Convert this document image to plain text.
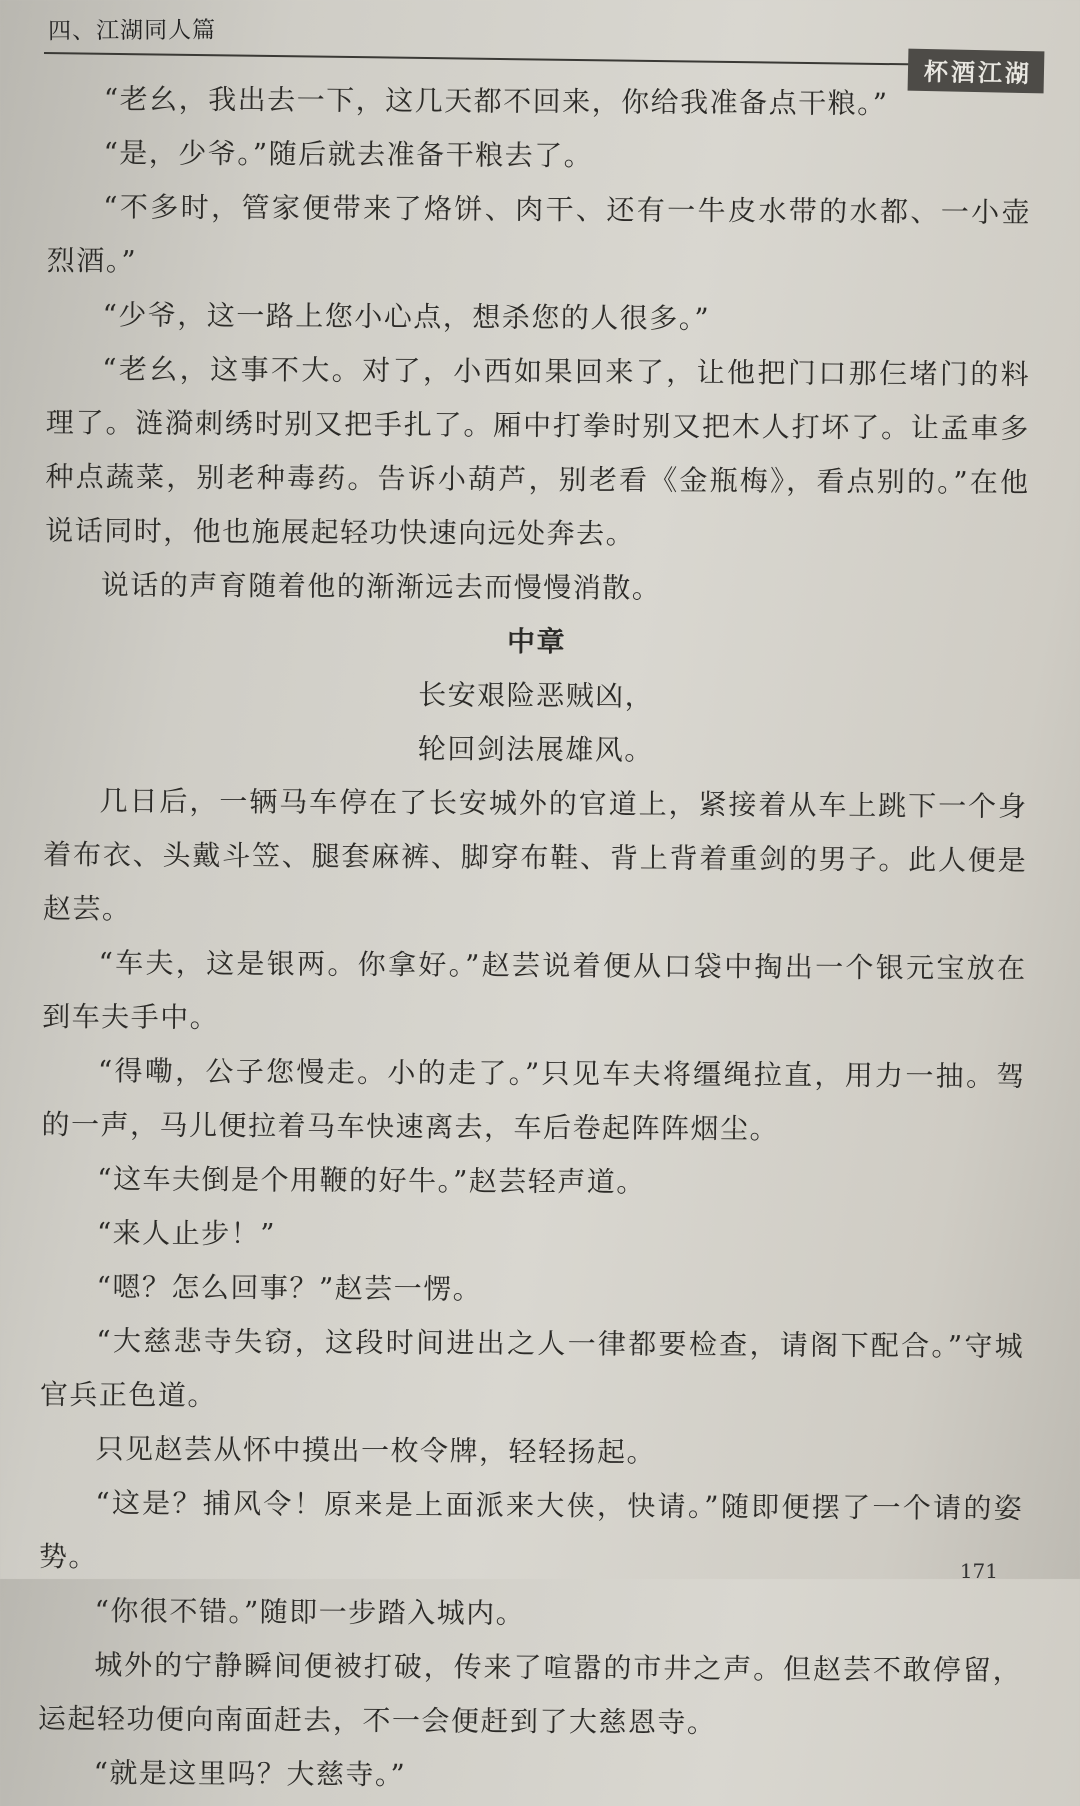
四、江湖同人篇
杯酒江湖

“老幺，我出去一下，这几天都不回来，你给我准备点干粮。”

“是，少爷。”随后就去准备干粮去了。

“不多时，管家便带来了烙饼、肉干、还有一牛皮水带的水都、一小壶烈酒。”

“少爷，这一路上您小心点，想杀您的人很多。”

“老幺，这事不大。对了，小西如果回来了，让他把门口那仨堵门的料理了。涟漪刺绣时别又把手扎了。厢中打拳时别又把木人打坏了。让孟車多种点蔬菜，别老种毒药。告诉小葫芦，别老看《金瓶梅》，看点别的。”在他说话同时，他也施展起轻功快速向远处奔去。

说话的声育随着他的渐渐远去而慢慢消散。

中章

长安艰险恶贼凶，

轮回剑法展雄风。

几日后，一辆马车停在了长安城外的官道上，紧接着从车上跳下一个身着布衣、头戴斗笠、腿套麻裤、脚穿布鞋、背上背着重剑的男子。此人便是赵芸。

“车夫，这是银两。你拿好。”赵芸说着便从口袋中掏出一个银元宝放在到车夫手中。

“得嘞，公子您慢走。小的走了。”只见车夫将缰绳拉直，用力一抽。驾的一声，马儿便拉着马车快速离去，车后卷起阵阵烟尘。

“这车夫倒是个用鞭的好牛。”赵芸轻声道。

“来人止步！”

“嗯？怎么回事？”赵芸一愣。

“大慈悲寺失窃，这段时间进出之人一律都要检查，请阁下配合。”守城官兵正色道。

只见赵芸从怀中摸出一枚令牌，轻轻扬起。

“这是？捕风令！原来是上面派来大侠，快请。”随即便摆了一个请的姿势。

“你很不错。”随即一步踏入城内。

城外的宁静瞬间便被打破，传来了喧嚣的市井之声。但赵芸不敢停留，运起轻功便向南面赶去，不一会便赶到了大慈恩寺。

“就是这里吗？大慈寺。”

171
